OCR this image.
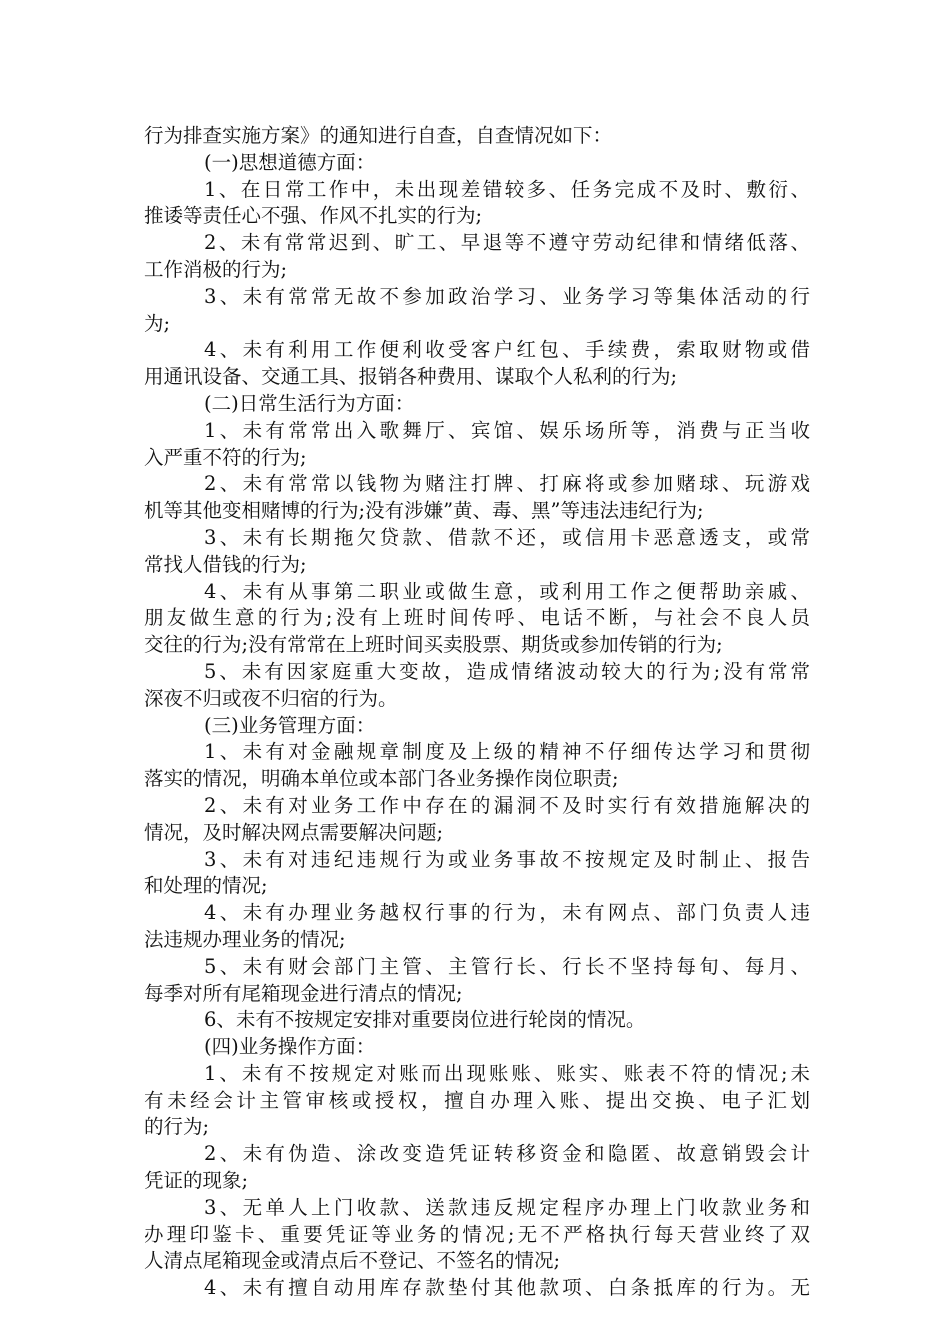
行为排查实施方案》的通知进行自查，自查情况如下：
(一)思想道德方面：
1、在日常工作中，未出现差错较多、任务完成不及时、敷衍、
推诿等责任心不强、作风不扎实的行为;
2、未有常常迟到、旷工、早退等不遵守劳动纪律和情绪低落、
工作消极的行为;
3、未有常常无故不参加政治学习、业务学习等集体活动的行
为;
4、未有利用工作便利收受客户红包、手续费，索取财物或借
用通讯设备、交通工具、报销各种费用、谋取个人私利的行为;
(二)日常生活行为方面：
1、未有常常出入歌舞厅、宾馆、娱乐场所等，消费与正当收
入严重不符的行为;
2、未有常常以钱物为赌注打牌、打麻将或参加赌球、玩游戏
机等其他变相赌博的行为;没有涉嫌”黄、毒、黑”等违法违纪行为;
3、未有长期拖欠贷款、借款不还，或信用卡恶意透支，或常
常找人借钱的行为;
4、未有从事第二职业或做生意，或利用工作之便帮助亲戚、
朋友做生意的行为;没有上班时间传呼、电话不断，与社会不良人员
交往的行为;没有常常在上班时间买卖股票、期货或参加传销的行为;
5、未有因家庭重大变故，造成情绪波动较大的行为;没有常常
深夜不归或夜不归宿的行为。
(三)业务管理方面：
1、未有对金融规章制度及上级的精神不仔细传达学习和贯彻
落实的情况，明确本单位或本部门各业务操作岗位职责;
2、未有对业务工作中存在的漏洞不及时实行有效措施解决的
情况，及时解决网点需要解决问题;
3、未有对违纪违规行为或业务事故不按规定及时制止、报告
和处理的情况;
4、未有办理业务越权行事的行为，未有网点、部门负责人违
法违规办理业务的情况;
5、未有财会部门主管、主管行长、行长不坚持每旬、每月、
每季对所有尾箱现金进行清点的情况;
6、未有不按规定安排对重要岗位进行轮岗的情况。
(四)业务操作方面：
1、未有不按规定对账而出现账账、账实、账表不符的情况;未
有未经会计主管审核或授权，擅自办理入账、提出交换、电子汇划
的行为;
2、未有伪造、涂改变造凭证转移资金和隐匿、故意销毁会计
凭证的现象;
3、无单人上门收款、送款违反规定程序办理上门收款业务和
办理印鉴卡、重要凭证等业务的情况;无不严格执行每天营业终了双
人清点尾箱现金或清点后不登记、不签名的情况;
4、未有擅自动用库存款垫付其他款项、白条抵库的行为。无
